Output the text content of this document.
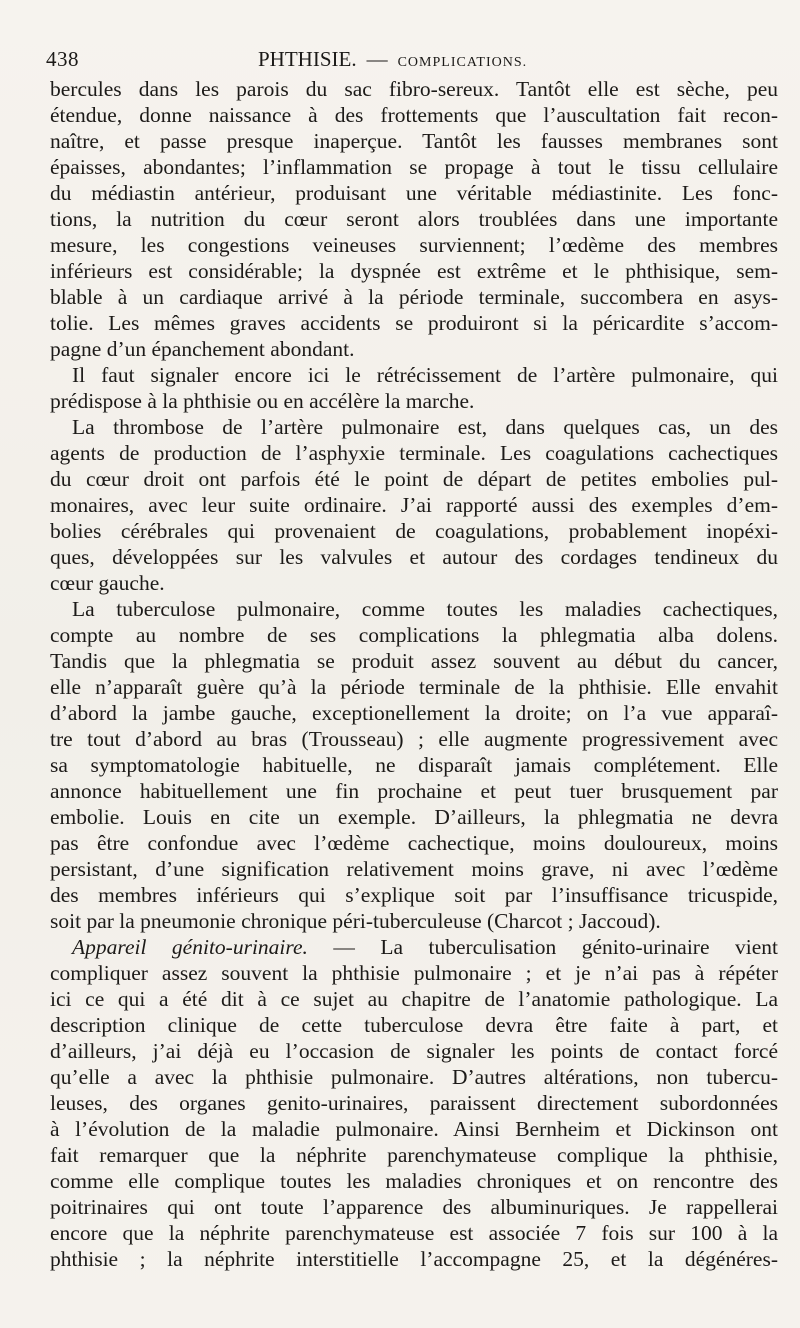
438	PHTHISIE. — COMPLICATIONS.
bercules dans les parois du sac fibro-sereux. Tantôt elle est sèche, peu
étendue, donne naissance à des frottements que l’auscultation fait recon-
naître, et passe presque inaperçue. Tantôt les fausses membranes sont
épaisses, abondantes; l’inflammation se propage à tout le tissu cellulaire
du médiastin antérieur, produisant une véritable médiastinite. Les fonc-
tions, la nutrition du cœur seront alors troublées dans une importante
mesure, les congestions veineuses surviennent; l’œdème des membres
inférieurs est considérable; la dyspnée est extrême et le phthisique, sem-
blable à un cardiaque arrivé à la période terminale, succombera en asys-
tolie. Les mêmes graves accidents se produiront si la péricardite s’accom-
pagne d’un épanchement abondant.
Il faut signaler encore ici le rétrécissement de l’artère pulmonaire, qui
prédispose à la phthisie ou en accélère la marche.
La thrombose de l’artère pulmonaire est, dans quelques cas, un des
agents de production de l’asphyxie terminale. Les coagulations cachectiques
du cœur droit ont parfois été le point de départ de petites embolies pul-
monaires, avec leur suite ordinaire. J’ai rapporté aussi des exemples d’em-
bolies cérébrales qui provenaient de coagulations, probablement inopéxi-
ques, développées sur les valvules et autour des cordages tendineux du
cœur gauche.
La tuberculose pulmonaire, comme toutes les maladies cachectiques,
compte au nombre de ses complications la phlegmatia alba dolens.
Tandis que la phlegmatia se produit assez souvent au début du cancer,
elle n’apparaît guère qu’à la période terminale de la phthisie. Elle envahit
d’abord la jambe gauche, exceptionellement la droite; on l’a vue apparaî-
tre tout d’abord au bras (Trousseau) ; elle augmente progressivement avec
sa symptomatologie habituelle, ne disparaît jamais complétement. Elle
annonce habituellement une fin prochaine et peut tuer brusquement par
embolie. Louis en cite un exemple. D’ailleurs, la phlegmatia ne devra
pas être confondue avec l’œdème cachectique, moins douloureux, moins
persistant, d’une signification relativement moins grave, ni avec l’œdème
des membres inférieurs qui s’explique soit par l’insuffisance tricuspide,
soit par la pneumonie chronique péri-tuberculeuse (Charcot ; Jaccoud).
Appareil génito-urinaire. — La tuberculisation génito-urinaire vient
compliquer assez souvent la phthisie pulmonaire ; et je n’ai pas à répéter
ici ce qui a été dit à ce sujet au chapitre de l’anatomie pathologique. La
description clinique de cette tuberculose devra être faite à part, et
d’ailleurs, j’ai déjà eu l’occasion de signaler les points de contact forcé
qu’elle a avec la phthisie pulmonaire. D’autres altérations, non tubercu-
leuses, des organes genito-urinaires, paraissent directement subordonnées
à l’évolution de la maladie pulmonaire. Ainsi Bernheim et Dickinson ont
fait remarquer que la néphrite parenchymateuse complique la phthisie,
comme elle complique toutes les maladies chroniques et on rencontre des
poitrinaires qui ont toute l’apparence des albuminuriques. Je rappellerai
encore que la néphrite parenchymateuse est associée 7 fois sur 100 à la
phthisie ; la néphrite interstitielle l’accompagne 25, et la dégénéres-
